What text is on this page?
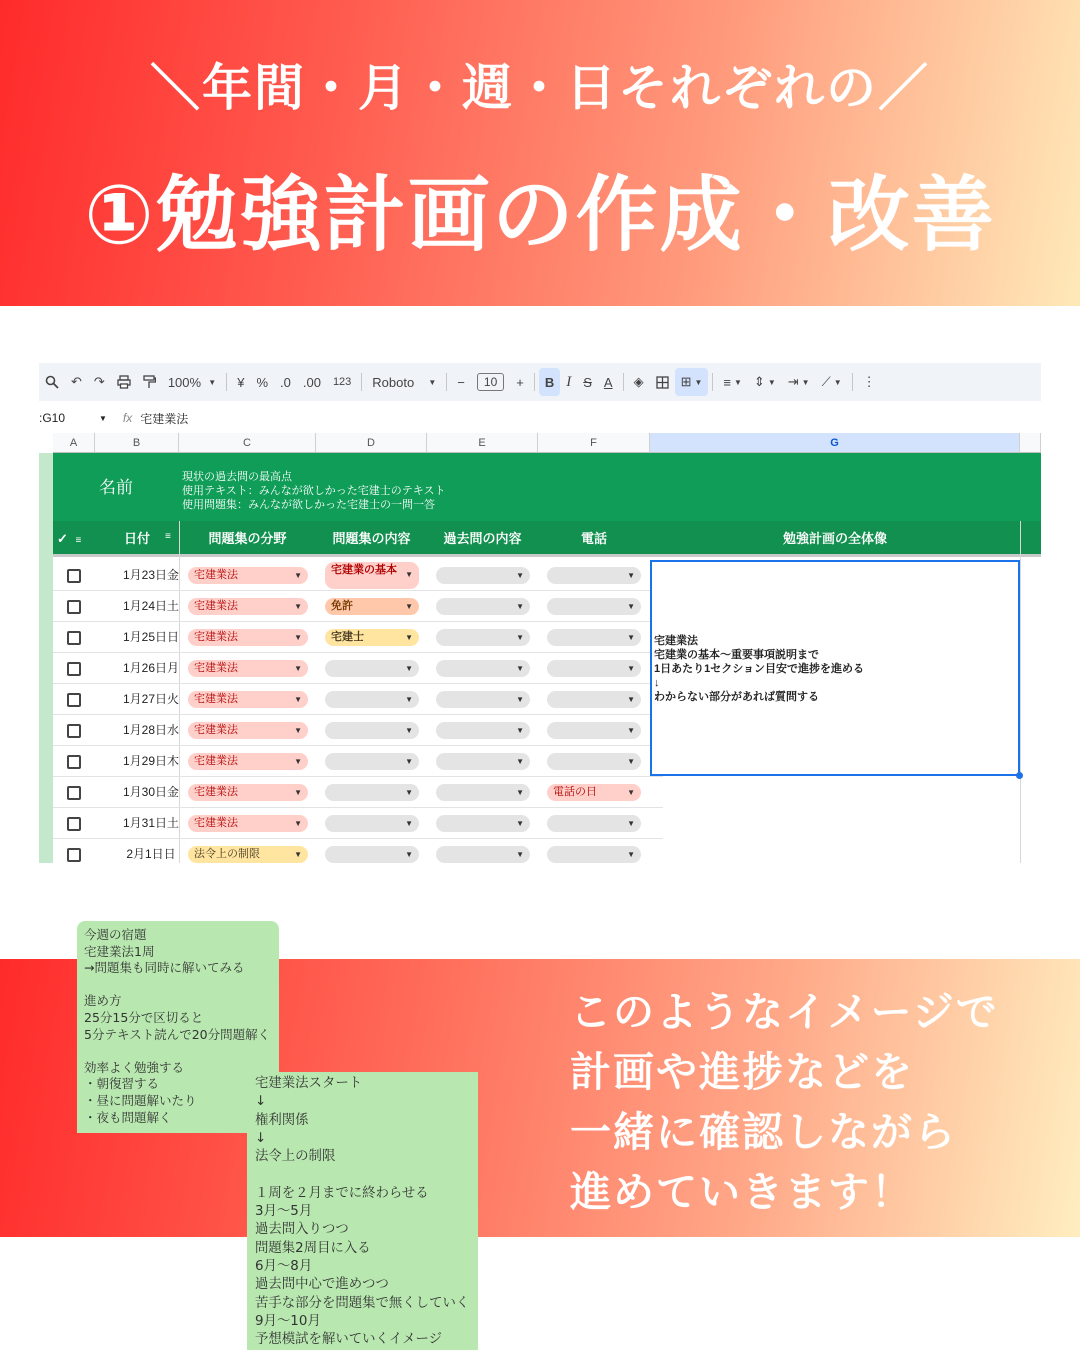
＼年間・月・週・日それぞれの／
①勉強計画の作成・改善
↶ ↷	100%
▼	¥ % .0 .00	123	Roboto ▼	−	10	+	B I S A	◈	⊞ ▼	≡ ▼ ⇕ ▼ ⇥ ▼ ⟋ ▼	⋮
:G10	▼ fx 宅建業法
A	B	C	D	E	F	G
名前
現状の過去問の最高点
使用テキスト：みんなが欲しかった宅建士のテキスト
使用問題集：みんなが欲しかった宅建士の一問一答
✓ ≡	日付	≡	問題集の分野	問題集の内容	過去問の内容	電話	勉強計画の全体像
1月23日金	宅建業法	▼	宅建業の基本 ▼	▼	▼
1月24日土	宅建業法	▼	免許	▼	▼	▼
1月25日日	宅建業法	▼	宅建士	▼	▼	▼
1月26日月	宅建業法	▼	▼	▼	▼
1月27日火	宅建業法	▼	▼	▼	▼
1月28日水	宅建業法	▼	▼	▼	▼
1月29日木	宅建業法	▼	▼	▼	▼
1月30日金	宅建業法	▼	▼	▼	電話の日	▼
1月31日土	宅建業法	▼	▼	▼	▼
2月1日日	法令上の制限	▼	▼	▼	▼
宅建業法
宅建業の基本〜重要事項説明まで
1日あたり1セクション目安で進捗を進める
↓
わからない部分があれば質問する
今週の宿題
宅建業法1周
→問題集も同時に解いてみる
進め方
25分15分で区切ると
5分テキスト読んで20分問題解く
効率よく勉強する
・朝復習する
・昼に問題解いたり
・夜も問題解く
宅建業法スタート
↓
権利関係
↓
法令上の制限
１周を２月までに終わらせる
3月〜5月
過去問入りつつ
問題集2周目に入る
6月〜8月
過去問中心で進めつつ
苦手な部分を問題集で無くしていく
9月〜10月
予想模試を解いていくイメージ
このようなイメージで
計画や進捗などを
一緒に確認しながら
進めていきます！
